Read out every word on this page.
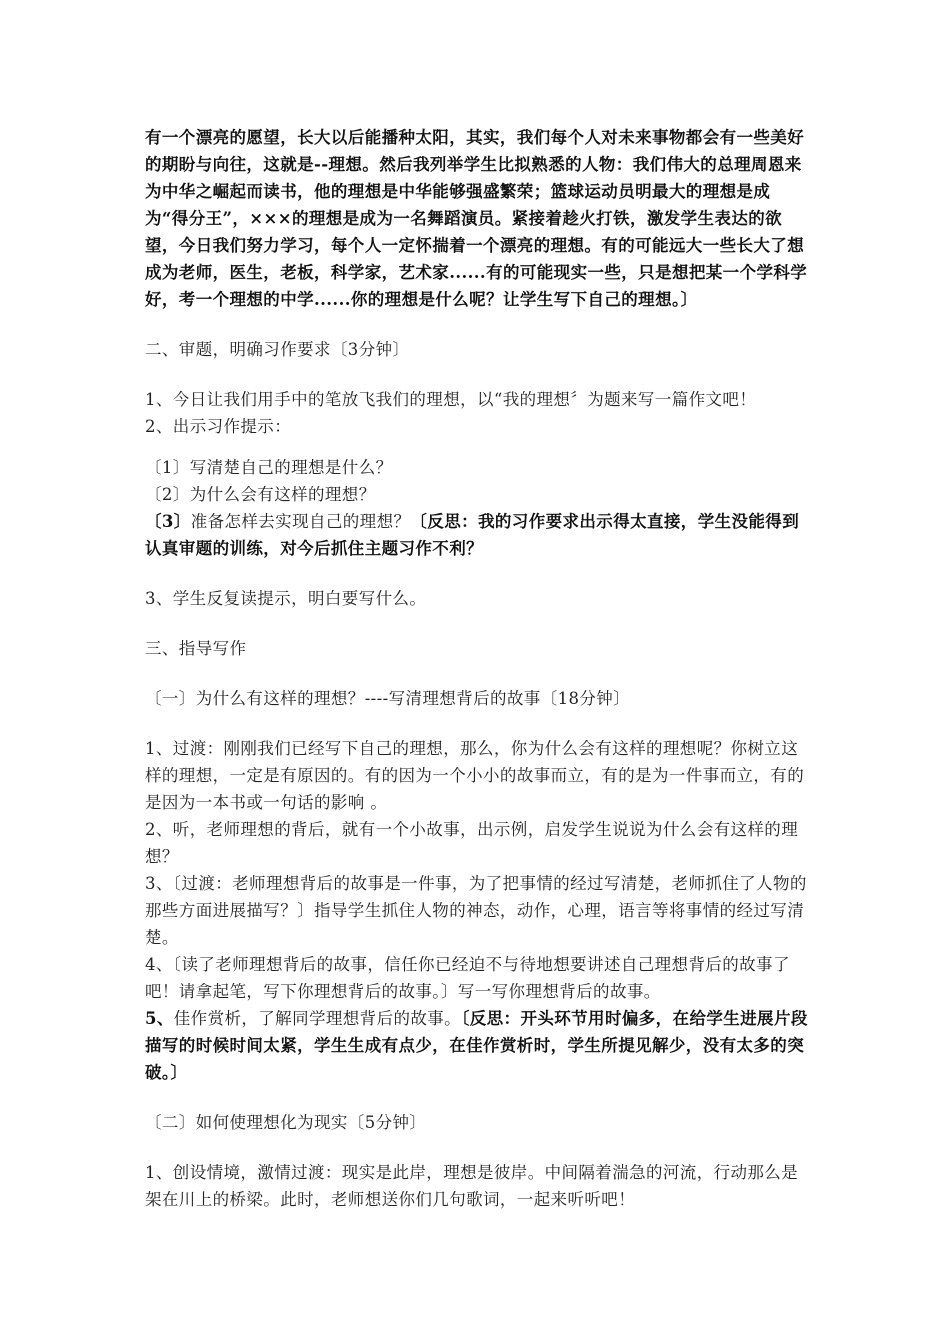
有一个漂亮的愿望，长大以后能播种太阳，其实，我们每个人对未来事物都会有一些美好的期盼与向往，这就是--理想。然后我列举学生比拟熟悉的人物：我们伟大的总理周恩来为中华之崛起而读书，他的理想是中华能够强盛繁荣；篮球运动员明最大的理想是成为“得分王”，×××的理想是成为一名舞蹈演员。紧接着趁火打铁，激发学生表达的欲望，今日我们努力学习，每个人一定怀揣着一个漂亮的理想。有的可能远大一些长大了想成为老师，医生，老板，科学家，艺术家......有的可能现实一些，只是想把某一个学科学好，考一个理想的中学......你的理想是什么呢？让学生写下自己的理想。〕

二、审题，明确习作要求〔3分钟〕

1、今日让我们用手中的笔放飞我们的理想，以“我的理想〞为题来写一篇作文吧！

2、出示习作提示：

〔1〕写清楚自己的理想是什么？

〔2〕为什么会有这样的理想？

〔3〕准备怎样去实现自己的理想？〔反思：我的习作要求出示得太直接，学生没能得到认真审题的训练，对今后抓住主题习作不利？

3、学生反复读提示，明白要写什么。

三、指导写作

〔一〕为什么有这样的理想？----写清理想背后的故事〔18分钟〕

1、过渡：刚刚我们已经写下自己的理想，那么，你为什么会有这样的理想呢？你树立这样的理想，一定是有原因的。有的因为一个小小的故事而立，有的是为一件事而立，有的是因为一本书或一句话的影响 。

2、听，老师理想的背后，就有一个小故事，出示例，启发学生说说为什么会有这样的理想？

3、〔过渡：老师理想背后的故事是一件事，为了把事情的经过写清楚，老师抓住了人物的那些方面进展描写？〕指导学生抓住人物的神态，动作，心理，语言等将事情的经过写清楚。

4、〔读了老师理想背后的故事，信任你已经迫不与待地想要讲述自己理想背后的故事了吧！请拿起笔，写下你理想背后的故事。〕写一写你理想背后的故事。

5、佳作赏析，了解同学理想背后的故事。〔反思：开头环节用时偏多，在给学生进展片段描写的时候时间太紧，学生生成有点少，在佳作赏析时，学生所提见解少，没有太多的突破。〕

〔二〕如何使理想化为现实〔5分钟〕

1、创设情境，激情过渡：现实是此岸，理想是彼岸。中间隔着湍急的河流，行动那么是架在川上的桥梁。此时，老师想送你们几句歌词，一起来听听吧！
